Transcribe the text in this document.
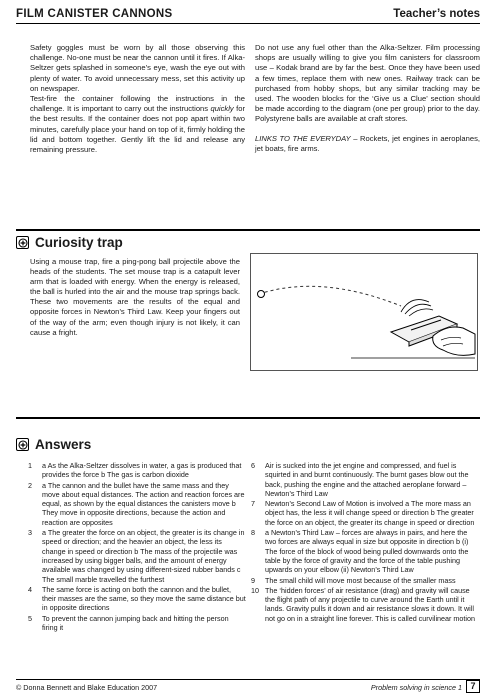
FILM CANISTER CANNONS	Teacher’s notes

Safety goggles must be worn by all those observing this challenge. No-one must be near the cannon until it fires. If Alka-Seltzer gets splashed in someone’s eye, wash the eye out with plenty of water. To avoid unnecessary mess, set this activity up on newspaper.

Test-fire the container following the instructions in the challenge. It is important to carry out the instructions quickly for the best results. If the container does not pop apart within two minutes, carefully place your hand on top of it, firmly holding the lid and bottom together. Gently lift the lid and release any remaining pressure.

Do not use any fuel other than the Alka-Seltzer. Film processing shops are usually willing to give you film canisters for classroom use – Kodak brand are by far the best. Once they have been used a few times, replace them with new ones. Railway track can be purchased from hobby shops, but any similar tracking may be used. The wooden blocks for the ‘Give us a Clue’ section should be made according to the diagram (one per group) prior to the day. Polystyrene balls are available at craft stores.

LINKS TO THE EVERYDAY – Rockets, jet engines in aeroplanes, jet boats, fire arms.

Curiosity trap
Using a mouse trap, fire a ping-pong ball projectile above the heads of the students. The set mouse trap is a catapult lever arm that is loaded with energy. When the energy is released, the ball is hurled into the air and the mouse trap springs back. These two movements are the results of the equal and opposite forces in Newton’s Third Law. Keep your fingers out of the way of the arm; even though injury is not likely, it can cause a fright.
Answers
1	a As the Alka-Seltzer dissolves in water, a gas is produced that provides the force b The gas is carbon dioxide
2	a The cannon and the bullet have the same mass and they move about equal distances. The action and reaction forces are equal, as shown by the equal distances the canisters move b They move in opposite directions, because the action and reaction are opposites
3	a The greater the force on an object, the greater is its change in speed or direction; and the heavier an object, the less its change in speed or direction b The mass of the projectile was increased by using bigger balls, and the amount of energy available was changed by using different-sized rubber bands c The small marble travelled the furthest
4	The same force is acting on both the cannon and the bullet, their masses are the same, so they move the same distance but in opposite directions
5	To prevent the cannon jumping back and hitting the person firing it
6	Air is sucked into the jet engine and compressed, and fuel is squirted in and burnt continuously. The burnt gases blow out the back, pushing the engine and the attached aeroplane forward – Newton’s Third Law
7	Newton’s Second Law of Motion is involved a The more mass an object has, the less it will change speed or direction b The greater the force on an object, the greater its change in speed or direction
8	a Newton’s Third Law – forces are always in pairs, and here the two forces are always equal in size but opposite in direction b (i) The force of the block of wood being pulled downwards onto the table by the force of gravity and the force of the table pushing upwards on your elbow (ii) Newton’s Third Law
9	The small child will move most because of the smaller mass
10 The ‘hidden forces’ of air resistance (drag) and gravity will cause the flight path of any projectile to curve around the Earth until it lands. Gravity pulls it down and air resistance slows it down. It will not go on in a straight line forever. This is called curvilinear motion
© Donna Bennett and Blake Education 2007	Problem solving in science 1 7
